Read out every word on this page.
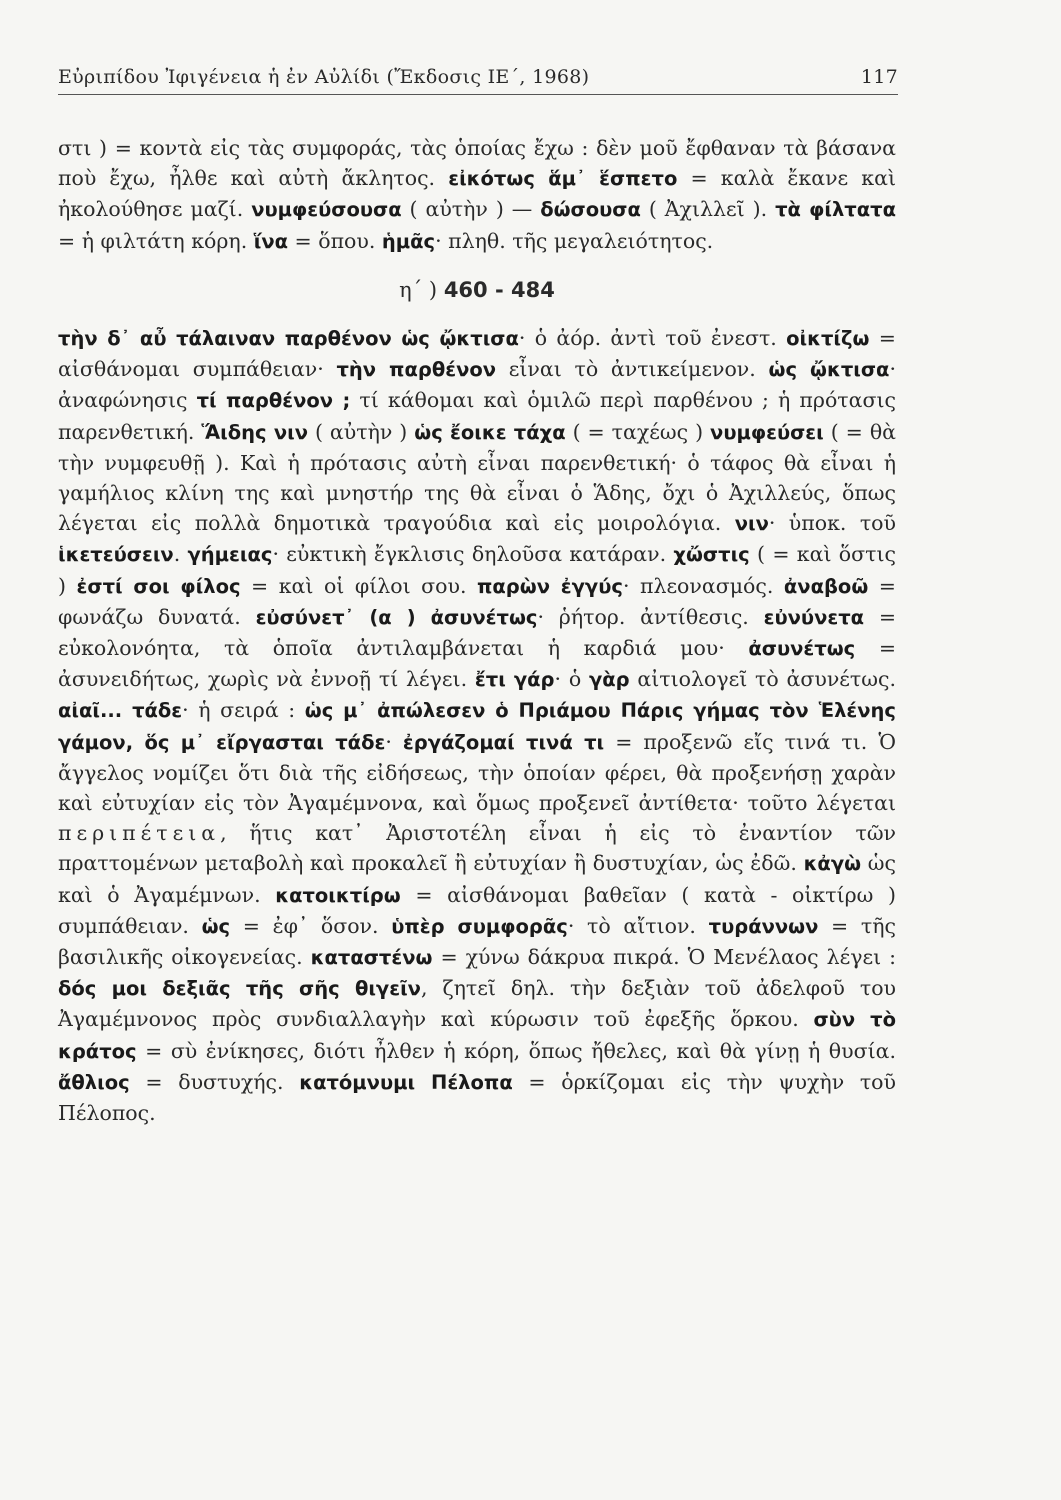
Εὐριπίδου Ἰφιγένεια ἡ ἐν Αὐλίδι (Ἔκδοσις ΙΕ΄, 1968)	117

στι ) = κοντὰ εἰς τὰς συμφοράς, τὰς ὁποίας ἔχω : δὲν μοῦ ἔφθαναν τὰ βάσανα ποὺ ἔχω, ἦλθε καὶ αὐτὴ ἄκλητος. εἰκότως ἅμ᾿ ἕσπετο = καλὰ ἔκανε καὶ ἠκολούθησε μαζί. νυμφεύσουσα ( αὐτὴν ) — δώσουσα ( Ἀχιλλεῖ ). τὰ φίλτατα = ἡ φιλτάτη κόρη. ἵνα = ὅπου. ἡμᾶς· πληθ. τῆς μεγαλειότητος.

η΄ ) 460 - 484

τὴν δ᾿ αὖ τάλαιναν παρθένον ὡς ᾤκτισα· ὁ ἀόρ. ἀντὶ τοῦ ἐνεστ. οἰκτίζω = αἰσθάνομαι συμπάθειαν· τὴν παρθένον εἶναι τὸ ἀντικείμενον. ὡς ᾤκτισα· ἀναφώνησις τί παρθένον ; τί κάθομαι καὶ ὁμιλῶ περὶ παρθένου ; ἡ πρότασις παρενθετική. Ἅιδης νιν ( αὐτὴν ) ὡς ἔοικε τάχα ( = ταχέως ) νυμφεύσει ( = θὰ τὴν νυμφευθῇ ). Καὶ ἡ πρότασις αὐτὴ εἶναι παρενθετική· ὁ τάφος θὰ εἶναι ἡ γαμήλιος κλίνη της καὶ μνηστήρ της θὰ εἶναι ὁ Ἅδης, ὄχι ὁ Ἀχιλλεύς, ὅπως λέγεται εἰς πολλὰ δημοτικὰ τραγούδια καὶ εἰς μοιρολόγια. νιν· ὑποκ. τοῦ ἱκετεύσειν. γήμειας· εὐκτικὴ ἔγκλισις δηλοῦσα κατάραν. χὤστις ( = καὶ ὅστις ) ἐστί σοι φίλος = καὶ οἱ φίλοι σου. παρὼν ἐγγύς· πλεονασμός. ἀναβοῶ = φωνάζω δυνατά. εὐσύνετ᾿ (α ) ἀσυνέτως· ῥήτορ. ἀντίθεσις. εὐνύνετα = εὐκολονόητα, τὰ ὁποῖα ἀντιλαμβάνεται ἡ καρδιά μου· ἀσυνέτως = ἀσυνειδήτως, χωρὶς νὰ ἐννοῇ τί λέγει. ἔτι γάρ· ὁ γὰρ αἰτιολογεῖ τὸ ἀσυνέτως. αἰαῖ... τάδε· ἡ σειρά : ὡς μ᾿ ἀπώλεσεν ὁ Πριάμου Πάρις γήμας τὸν Ἑλένης γάμον, ὅς μ᾿ εἴργασται τάδε· ἐργάζομαί τινά τι = προξενῶ εἴς τινά τι. Ὁ ἄγγελος νομίζει ὅτι διὰ τῆς εἰδήσεως, τὴν ὁποίαν φέρει, θὰ προξενήσῃ χαρὰν καὶ εὐτυχίαν εἰς τὸν Ἀγαμέμνονα, καὶ ὅμως προξενεῖ ἀντίθετα· τοῦτο λέγεται περιπέτεια, ἥτις κατ᾿ Ἀριστοτέλη εἶναι ἡ εἰς τὸ ἐναντίον τῶν πραττομένων μεταβολὴ καὶ προκαλεῖ ἢ εὐτυχίαν ἢ δυστυχίαν, ὡς ἐδῶ. κἀγὼ ὡς καὶ ὁ Ἀγαμέμνων. κατοικτίρω = αἰσθάνομαι βαθεῖαν ( κατὰ - οἰκτίρω ) συμπάθειαν. ὡς = ἐφ᾿ ὅσον. ὑπὲρ συμφορᾶς· τὸ αἴτιον. τυράννων = τῆς βασιλικῆς οἰκογενείας. καταστένω = χύνω δάκρυα πικρά. Ὁ Μενέλαος λέγει : δός μοι δεξιᾶς τῆς σῆς θιγεῖν, ζητεῖ δηλ. τὴν δεξιὰν τοῦ ἀδελφοῦ του Ἀγαμέμνονος πρὸς συνδιαλλαγὴν καὶ κύρωσιν τοῦ ἐφεξῆς ὅρκου. σὺν τὸ κράτος = σὺ ἐνίκησες, διότι ἦλθεν ἡ κόρη, ὅπως ἤθελες, καὶ θὰ γίνῃ ἡ θυσία. ἄθλιος = δυστυχής. κατόμνυμι Πέλοπα = ὁρκίζομαι εἰς τὴν ψυχὴν τοῦ Πέλοπος.
